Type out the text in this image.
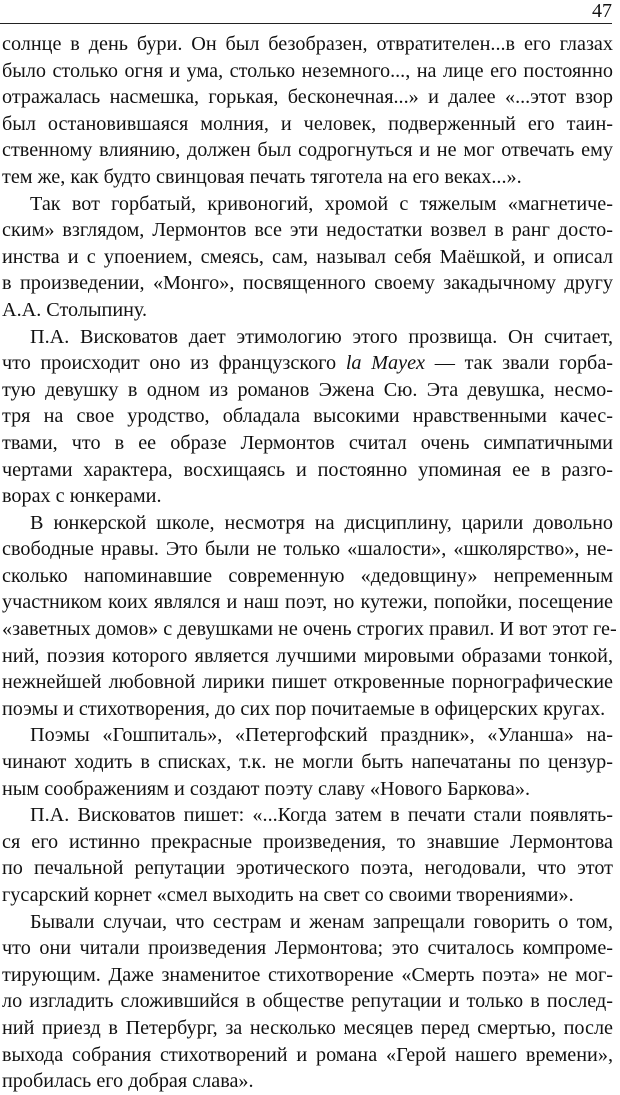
47
солнце в день бури. Он был безобразен, отвратителен...в его глазах
было столько огня и ума, столько неземного..., на лице его постоянно
отражалась насмешка, горькая, бесконечная...» и далее «...этот взор
был остановившаяся молния, и человек, подверженный его таин-
ственному влиянию, должен был содрогнуться и не мог отвечать ему
тем же, как будто свинцовая печать тяготела на его веках...».
Так вот горбатый, кривоногий, хромой с тяжелым «магнетиче-
ским» взглядом, Лермонтов все эти недостатки возвел в ранг досто-
инства и с упоением, смеясь, сам, называл себя Маёшкой, и описал
в произведении, «Монго», посвященного своему закадычному другу
А.А. Столыпину.
П.А. Висковатов дает этимологию этого прозвища. Он считает,
что происходит оно из французского la Mayex — так звали горба-
тую девушку в одном из романов Эжена Сю. Эта девушка, несмо-
тря на свое уродство, обладала высокими нравственными качес-
твами, что в ее образе Лермонтов считал очень симпатичными
чертами характера, восхищаясь и постоянно упоминая ее в разго-
ворах с юнкерами.
В юнкерской школе, несмотря на дисциплину, царили довольно
свободные нравы. Это были не только «шалости», «школярство», не-
сколько напоминавшие современную «дедовщину» непременным
участником коих являлся и наш поэт, но кутежи, попойки, посещение
«заветных домов» с девушками не очень строгих правил. И вот этот ге-
ний, поэзия которого является лучшими мировыми образами тонкой,
нежнейшей любовной лирики пишет откровенные порнографические
поэмы и стихотворения, до сих пор почитаемые в офицерских кругах.
Поэмы «Гошпиталь», «Петергофский праздник», «Уланша» на-
чинают ходить в списках, т.к. не могли быть напечатаны по цензур-
ным соображениям и создают поэту славу «Нового Баркова».
П.А. Висковатов пишет: «...Когда затем в печати стали появлять-
ся его истинно прекрасные произведения, то знавшие Лермонтова
по печальной репутации эротического поэта, негодовали, что этот
гусарский корнет «смел выходить на свет со своими творениями».
Бывали случаи, что сестрам и женам запрещали говорить о том,
что они читали произведения Лермонтова; это считалось компроме-
тирующим. Даже знаменитое стихотворение «Смерть поэта» не мог-
ло изгладить сложившийся в обществе репутации и только в послед-
ний приезд в Петербург, за несколько месяцев перед смертью, после
выхода собрания стихотворений и романа «Герой нашего времени»,
пробилась его добрая слава».
